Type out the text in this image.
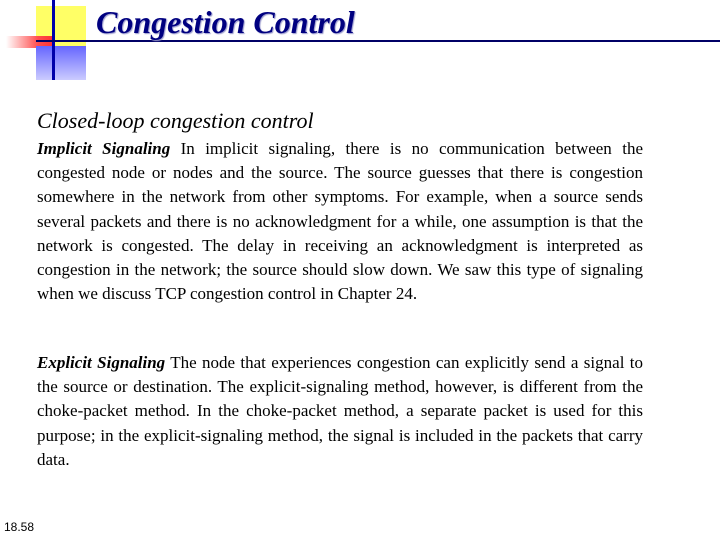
Congestion Control
Closed-loop congestion control
Implicit Signaling In implicit signaling, there is no communication between the congested node or nodes and the source. The source guesses that there is congestion somewhere in the network from other symptoms. For example, when a source sends several packets and there is no acknowledgment for a while, one assumption is that the network is congested. The delay in receiving an acknowledgment is interpreted as congestion in the network; the source should slow down. We saw this type of signaling when we discuss TCP congestion control in Chapter 24.
Explicit Signaling The node that experiences congestion can explicitly send a signal to the source or destination. The explicit-signaling method, however, is different from the choke-packet method. In the choke-packet method, a separate packet is used for this purpose; in the explicit-signaling method, the signal is included in the packets that carry data.
18.58
